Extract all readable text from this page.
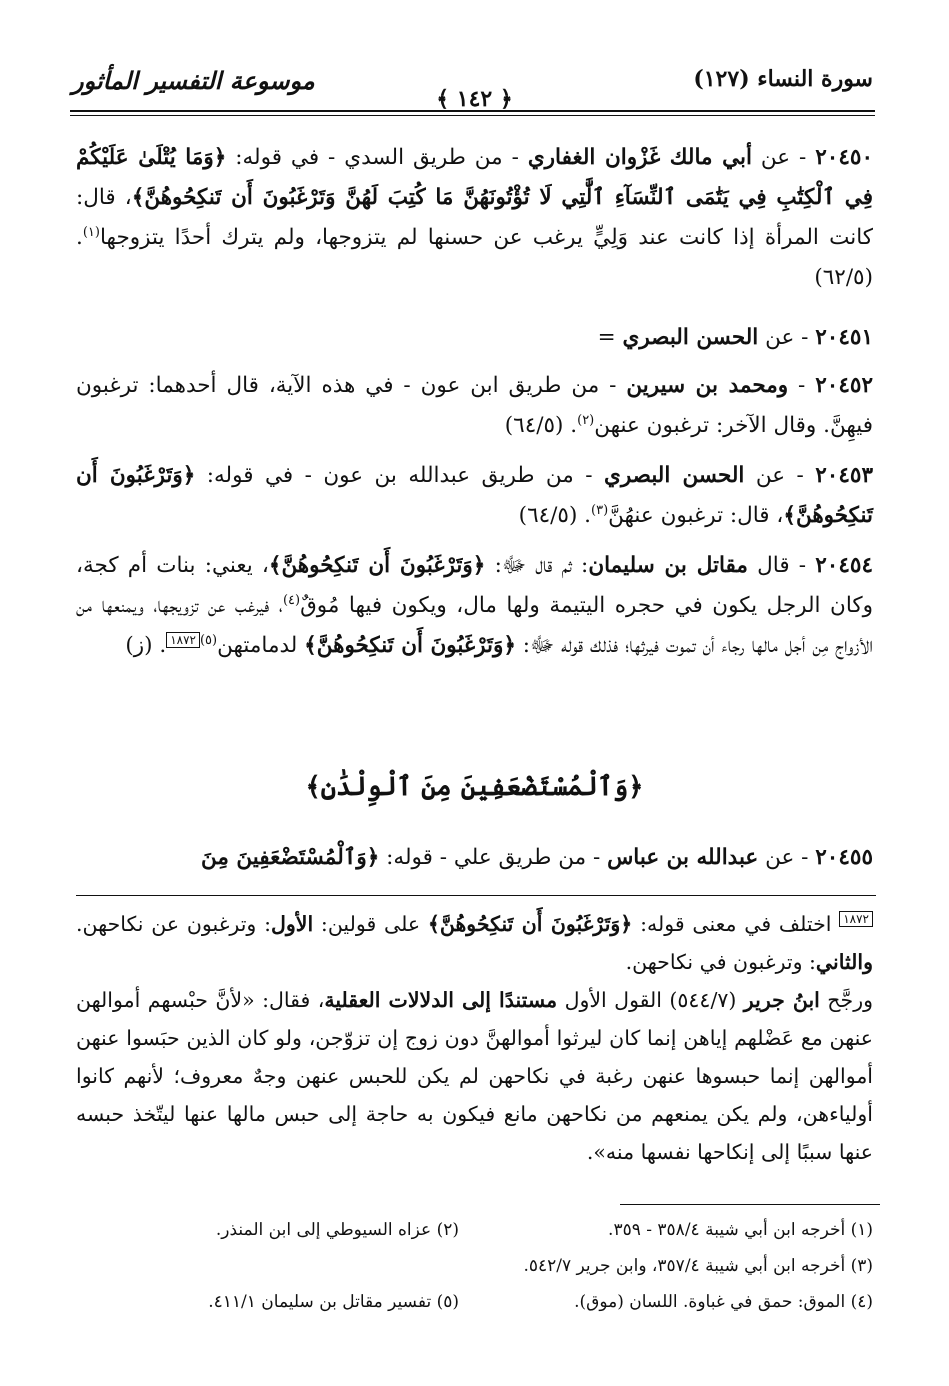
موسوعة التفسير المأثور	سورة النساء (١٢٧)
﴿ ١٤٢ ﴾

٢٠٤٥٠ - عن أبي مالك غَزْوان الغفاري - من طريق السدي - في قوله: ﴿وَمَا يُتْلَىٰ عَلَيْكُمْ فِي ٱلْكِتَٰبِ فِي يَتَٰمَى ٱلنِّسَآءِ ٱلَّٰتِي لَا تُؤْتُونَهُنَّ مَا كُتِبَ لَهُنَّ وَتَرْغَبُونَ أَن تَنكِحُوهُنَّ﴾، قال: كانت المرأة إذا كانت عند وَلِيٍّ يرغب عن حسنها لم يتزوجها، ولم يترك أحدًا يتزوجها$^{(١)}$. (٦٢/٥)

٢٠٤٥١ - عن الحسن البصري =

٢٠٤٥٢ - ومحمد بن سيرين - من طريق ابن عون - في هذه الآية، قال أحدهما: ترغبون فيهِنَّ. وقال الآخر: ترغبون عنهن$^{(٢)}$. (٦٤/٥)

٢٠٤٥٣ - عن الحسن البصري - من طريق عبدالله بن عون - في قوله: ﴿وَتَرْغَبُونَ أَن تَنكِحُوهُنَّ﴾، قال: ترغبون عنهُنَّ$^{(٣)}$. (٦٤/٥)

٢٠٤٥٤ - قال مقاتل بن سليمان: ثم قال ﷻ: ﴿وَتَرْغَبُونَ أَن تَنكِحُوهُنَّ﴾، يعني: بنات أم كجة، وكان الرجل يكون في حجره اليتيمة ولها مال، ويكون فيها مُوقٌ$^{(٤)}$، فيرغب عن تزويجها، ويمنعها من الأزواج مِن أجل مالها رجاء أن تموت فيرثها؛ فذلك قوله ﷻ: ﴿وَتَرْغَبُونَ أَن تَنكِحُوهُنَّ﴾ لدمامتهن$^{(٥)}$١٨٧٢. (ز)

﴿وَٱلْمُسْتَضْعَفِينَ مِنَ ٱلْوِلْدَٰنِ﴾

٢٠٤٥٥ - عن عبدالله بن عباس - من طريق علي - قوله: ﴿وَٱلْمُسْتَضْعَفِينَ مِنَ

١٨٧٢ اختلف في معنى قوله: ﴿وَتَرْغَبُونَ أَن تَنكِحُوهُنَّ﴾ على قولين: الأول: وترغبون عن نكاحهن. والثاني: وترغبون في نكاحهن.

ورجَّح ابنُ جرير (٥٤٤/٧) القول الأول مستندًا إلى الدلالات العقلية، فقال: «لأنَّ حبْسهم أموالهن عنهن مع عَضْلهم إياهن إنما كان ليرثوا أموالهنَّ دون زوج إن تزوّجن، ولو كان الذين حبَسوا عنهن أموالهن إنما حبسوها عنهن رغبة في نكاحهن لم يكن للحبس عنهن وجهٌ معروف؛ لأنهم كانوا أولياءهن، ولم يكن يمنعهم من نكاحهن مانع فيكون به حاجة إلى حبس مالها عنها ليتّخذ حبسه عنها سببًا إلى إنكاحها نفسها منه».

(١) أخرجه ابن أبي شيبة ٣٥٨/٤ - ٣٥٩.
(٢) عزاه السيوطي إلى ابن المنذر.
(٣) أخرجه ابن أبي شيبة ٣٥٧/٤، وابن جرير ٥٤٢/٧.
(٤) الموق: حمق في غباوة. اللسان (موق).
(٥) تفسير مقاتل بن سليمان ٤١١/١.
